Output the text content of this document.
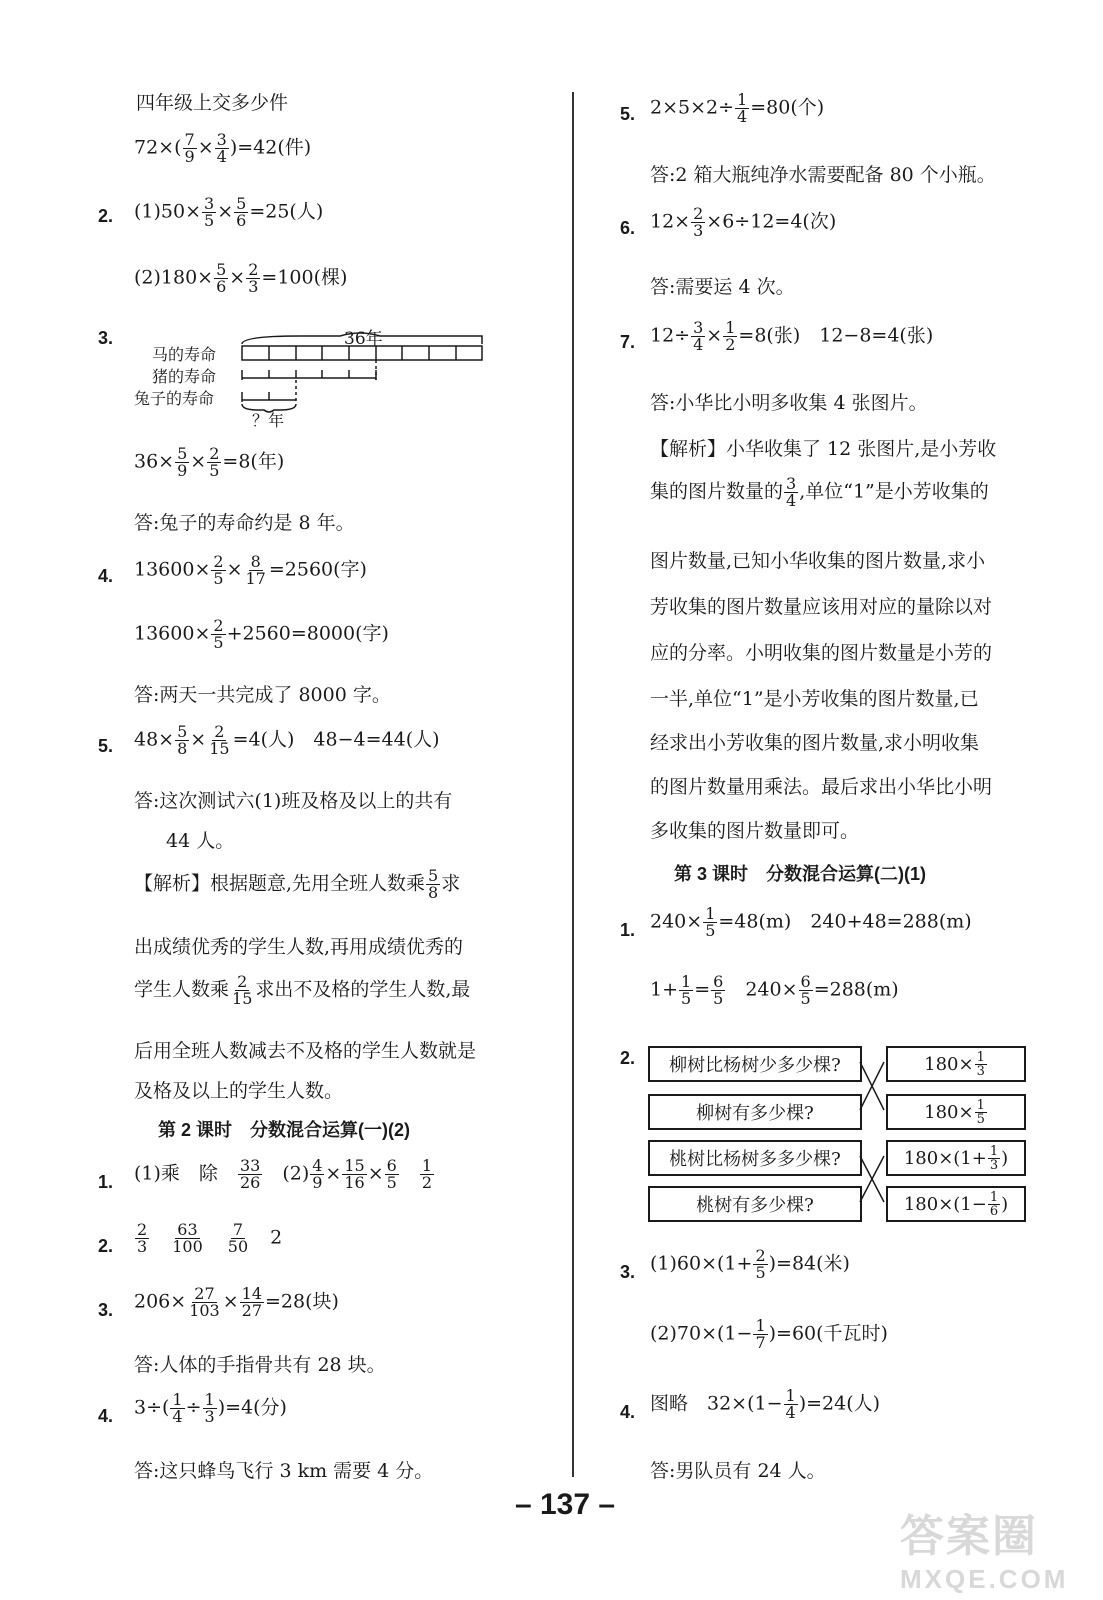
四年级上交多少件
$72\times( \frac{7}{9} \times \frac{3}{4} )=42$(件)
2. $(1)50\times \frac{3}{5} \times \frac{5}{6} =25$(人)
$(2)180\times \frac{5}{6} \times \frac{2}{3} =100$(棵)
3.	36年
马的寿命
猪的寿命
兔子的寿命
？年
$36\times \frac{5}{9} \times \frac{2}{5} =8$(年)
答:兔子的寿命约是 8 年。
4. $13600\times \frac{2}{5} \times \frac{8}{17} =2560$(字)
$13600\times \frac{2}{5} +2560=8000$(字)
答:两天一共完成了 8000 字。
5. $48\times \frac{5}{8} \times \frac{2}{15} =4$(人)　48−4=44(人)
答:这次测试六(1)班及格及以上的共有
44 人。
【解析】根据题意,先用全班人数乘 $\frac{5}{8}$ 求
出成绩优秀的学生人数,再用成绩优秀的
学生人数乘 $\frac{2}{15}$ 求出不及格的学生人数,最
后用全班人数减去不及格的学生人数就是
及格及以上的学生人数。
第 2 课时　分数混合运算(一)(2)
1. (1)乘　除　 $\frac{33}{26}$
　 $(2) \frac{4}{9} \times \frac{15}{16} \times \frac{6}{5}$
　 $\frac{1}{2}$
2. $\frac{2}{3}$
　 $\frac{63}{100}$
　 $\frac{7}{50}$
　 2
3. $206\times \frac{27}{103} \times \frac{14}{27} =28$(块)
答:人体的手指骨共有 28 块。
4. $3\div( \frac{1}{4} \div \frac{1}{3} )=4$(分)
答:这只蜂鸟飞行 3 km 需要 4 分。
5. $2\times 5\times 2\div \frac{1}{4} =80$(个)
答:2 箱大瓶纯净水需要配备 80 个小瓶。
6. $12\times \frac{2}{3} \times 6\div 12=4$(次)
答:需要运 4 次。
7. $12\div \frac{3}{4} \times \frac{1}{2} =8$(张)　12−8=4(张)
答:小华比小明多收集 4 张图片。
【解析】小华收集了 12 张图片,是小芳收
集的图片数量的 $\frac{3}{4}$ ,单位“1”是小芳收集的
图片数量,已知小华收集的图片数量,求小
芳收集的图片数量应该用对应的量除以对
应的分率。小明收集的图片数量是小芳的
一半,单位“1”是小芳收集的图片数量,已
经求出小芳收集的图片数量,求小明收集
的图片数量用乘法。最后求出小华比小明
多收集的图片数量即可。
第 3 课时　分数混合运算(二)(1)
1. $240\times \frac{1}{5} =48(m)$　240+48=288(m)
$1+ \frac{1}{5} = \frac{6}{5}$ 　$240\times \frac{6}{5} =288(m)$
2.	柳树比杨树少多少棵?
柳树有多少棵?
桃树比杨树多多少棵?
桃树有多少棵?
$180\times \frac{1}{3}$
$180\times \frac{1}{5}$
$180\times(1+ \frac{1}{3}$ )
$180\times(1- \frac{1}{6}$ )
3. $(1)60\times(1+ \frac{2}{5} )=84$(米)
$(2)70\times(1- \frac{1}{7} )=60$(千瓦时)
4. 图略　$32\times(1- \frac{1}{4} )=24$(人)
答:男队员有 24 人。
– 137 –
答案圈
MXQE.COM
